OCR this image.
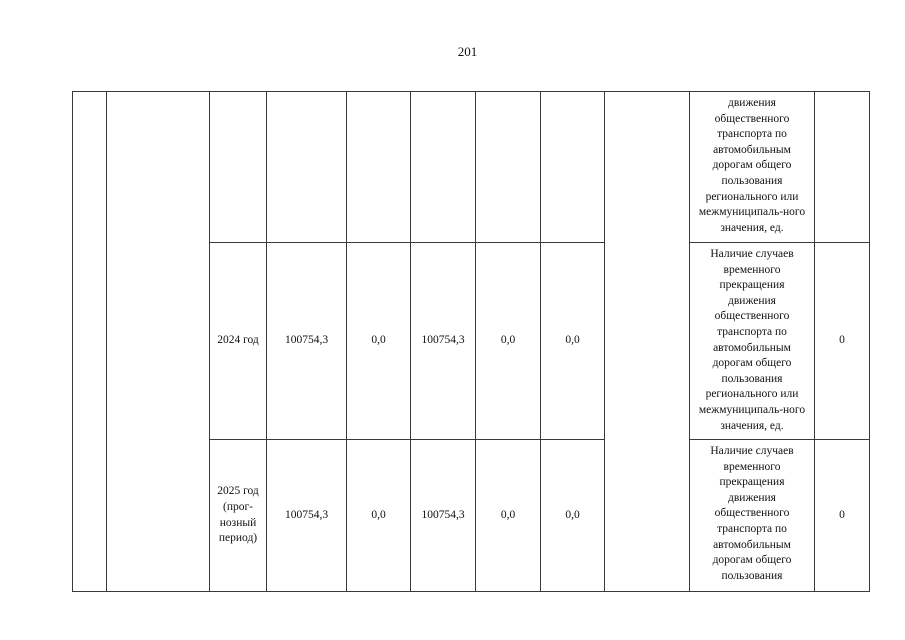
201
									движения общественного транспорта по автомобильным дорогам общего пользования регионального или межмуниципаль-ного значения, ед.	
		2024 год	100754,3	0,0	100754,3	0,0	0,0		Наличие случаев временного прекращения движения общественного транспорта по автомобильным дорогам общего пользования регионального или межмуниципаль-ного значения, ед.	0
		2025 год (прог-нозный период)	100754,3	0,0	100754,3	0,0	0,0		Наличие случаев временного прекращения движения общественного транспорта по автомобильным дорогам общего пользования	0
